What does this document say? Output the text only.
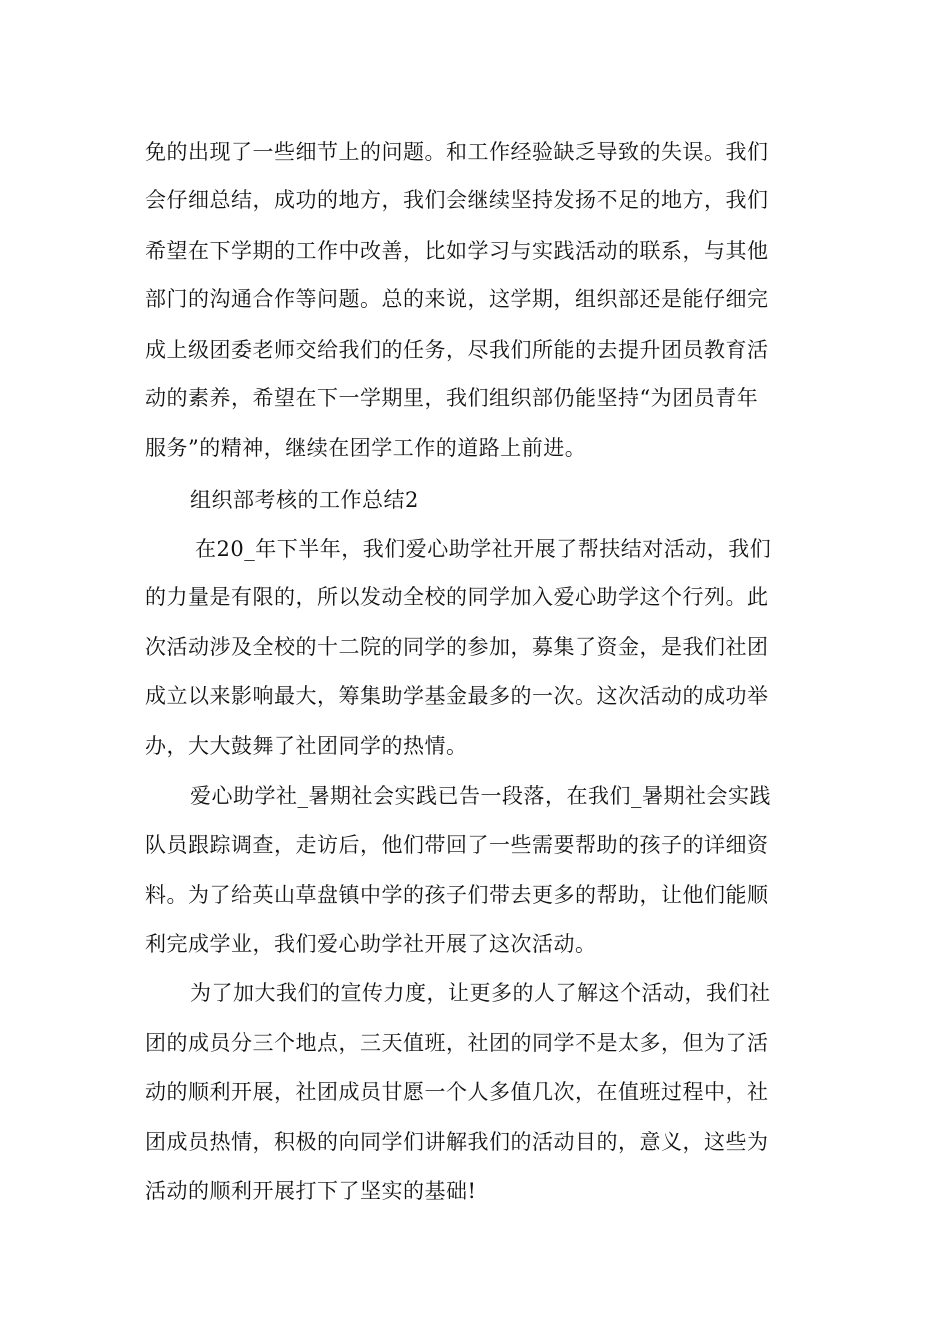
免的出现了一些细节上的问题。和工作经验缺乏导致的失误。我们
会仔细总结，成功的地方，我们会继续坚持发扬不足的地方，我们
希望在下学期的工作中改善，比如学习与实践活动的联系，与其他
部门的沟通合作等问题。总的来说，这学期，组织部还是能仔细完
成上级团委老师交给我们的任务，尽我们所能的去提升团员教育活
动的素养，希望在下一学期里，我们组织部仍能坚持“为团员青年
服务”的精神，继续在团学工作的道路上前进。
组织部考核的工作总结2
在20_年下半年，我们爱心助学社开展了帮扶结对活动，我们
的力量是有限的，所以发动全校的同学加入爱心助学这个行列。此
次活动涉及全校的十二院的同学的参加，募集了资金，是我们社团
成立以来影响最大，筹集助学基金最多的一次。这次活动的成功举
办，大大鼓舞了社团同学的热情。
爱心助学社_暑期社会实践已告一段落，在我们_暑期社会实践
队员跟踪调查，走访后，他们带回了一些需要帮助的孩子的详细资
料。为了给英山草盘镇中学的孩子们带去更多的帮助，让他们能顺
利完成学业，我们爱心助学社开展了这次活动。
为了加大我们的宣传力度，让更多的人了解这个活动，我们社
团的成员分三个地点，三天值班，社团的同学不是太多，但为了活
动的顺利开展，社团成员甘愿一个人多值几次，在值班过程中，社
团成员热情，积极的向同学们讲解我们的活动目的，意义，这些为
活动的顺利开展打下了坚实的基础!
